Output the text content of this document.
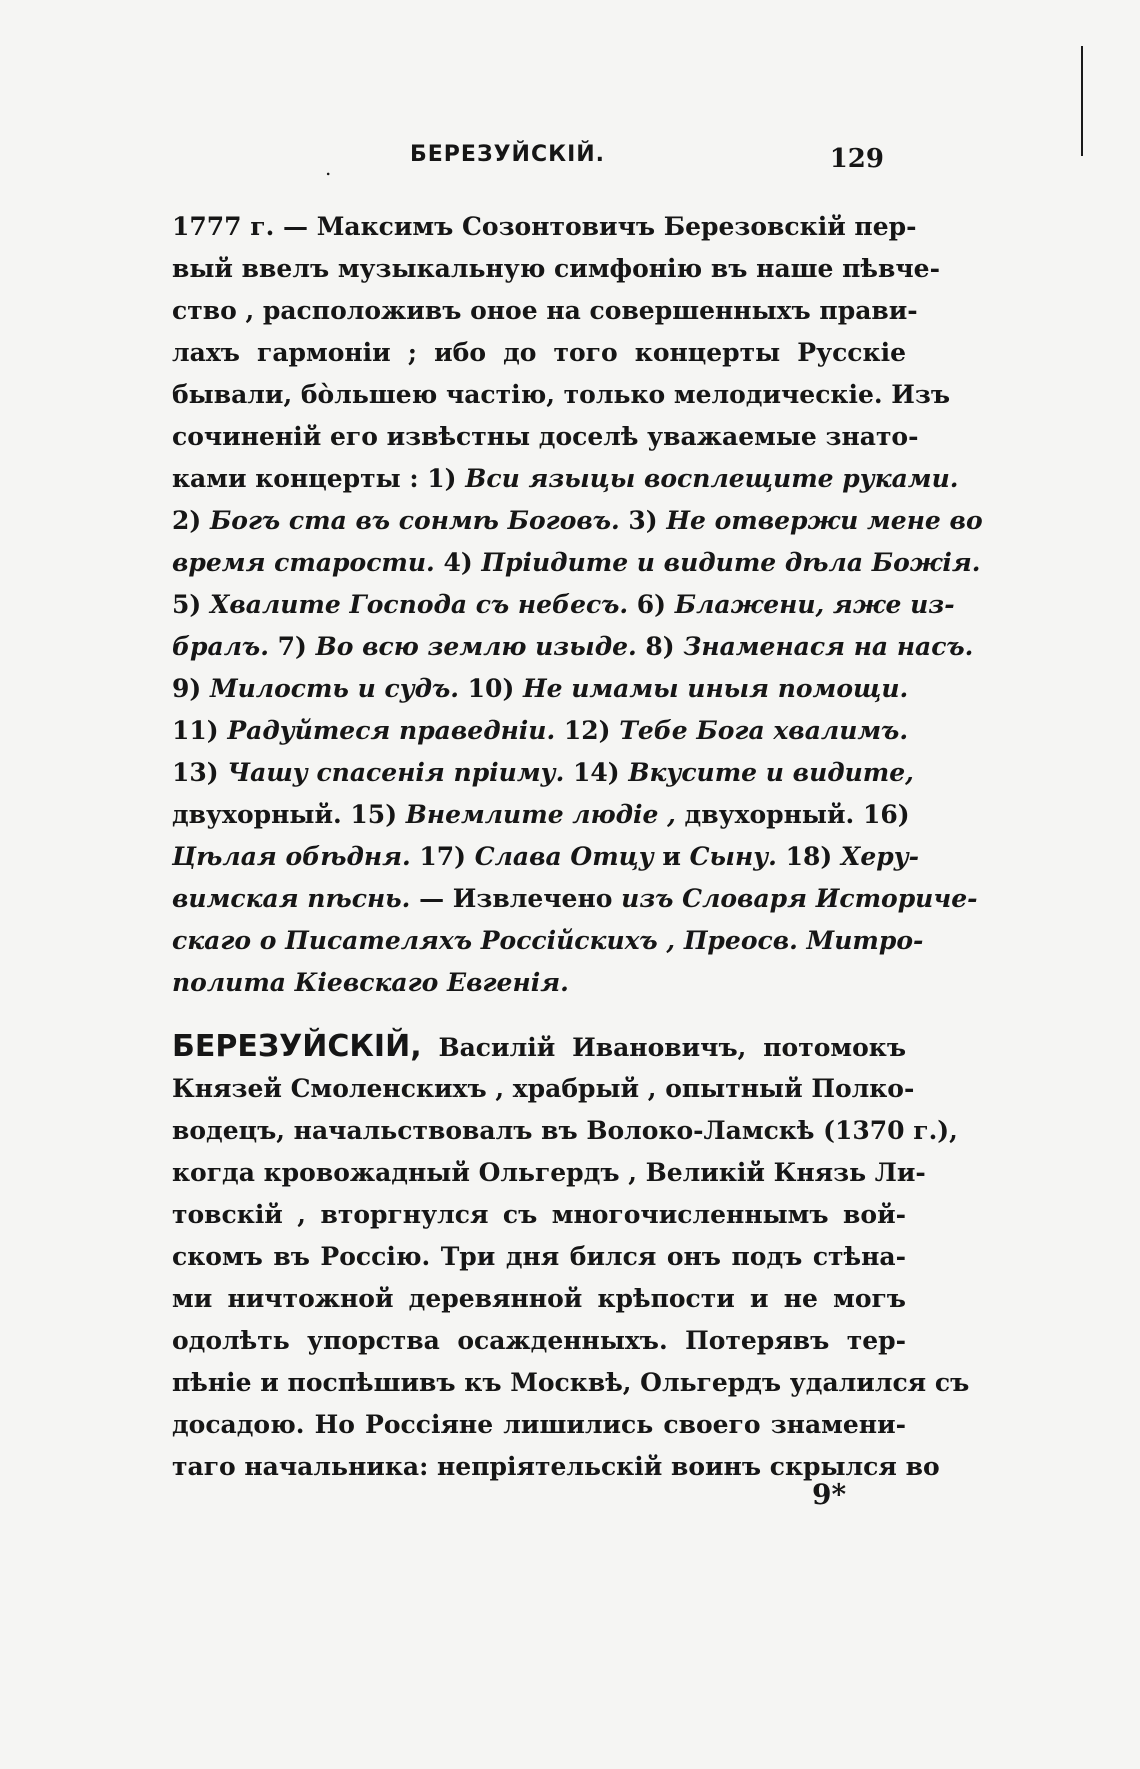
.
БЕРЕЗУЙСКІЙ.	129
1777 г. — Максимъ Созонтовичъ Березовскій пер-
вый ввелъ музыкальную симфонію въ наше пѣвче-
ство , расположивъ оное на совершенныхъ прави-
лахъ гармоніи ; ибо до того концерты Русскіе
бывали, бо̀льшею частію, только мелодическіе. Изъ
сочиненій его извѣстны доселѣ уважаемые знато-
ками концерты : 1) Вси языцы восплещите руками.
2) Богъ ста въ сонмѣ Боговъ. 3) Не отвержи мене во
время старости. 4) Пріидите и видите дѣла Божія.
5) Хвалите Господа съ небесъ. 6) Блажени, яже из-
бралъ. 7) Во всю землю изыде. 8) Знаменася на насъ.
9) Милость и судъ. 10) Не имамы иныя помощи.
11) Радуйтеся праведніи. 12) Тебе Бога хвалимъ.
13) Чашу спасенія пріиму. 14) Вкусите и видите,
двухорный. 15) Внемлите людіе , двухорный. 16)
Цѣлая обѣдня. 17) Слава Отцу и Сыну. 18) Херу-
вимская пѣснь. — Извлечено изъ Словаря Историче-
скаго о Писателяхъ Россійскихъ , Преосв. Митро-
полита Кіевскаго Евгенія.
БЕРЕЗУЙСКІЙ, Василій Ивановичъ, потомокъ
Князей Смоленскихъ , храбрый , опытный Полко-
водецъ, начальствовалъ въ Волоко-Ламскѣ (1370 г.),
когда кровожадный Ольгердъ , Великій Князь Ли-
товскій , вторгнулся съ многочисленнымъ вой-
скомъ въ Россію. Три дня бился онъ подъ стѣна-
ми ничтожной деревянной крѣпости и не могъ
одолѣть упорства осажденныхъ. Потерявъ тер-
пѣніе и поспѣшивъ къ Москвѣ, Ольгердъ удалился съ
досадою. Но Россіяне лишились своего знамени-
таго начальника: непріятельскій воинъ скрылся во
9*
